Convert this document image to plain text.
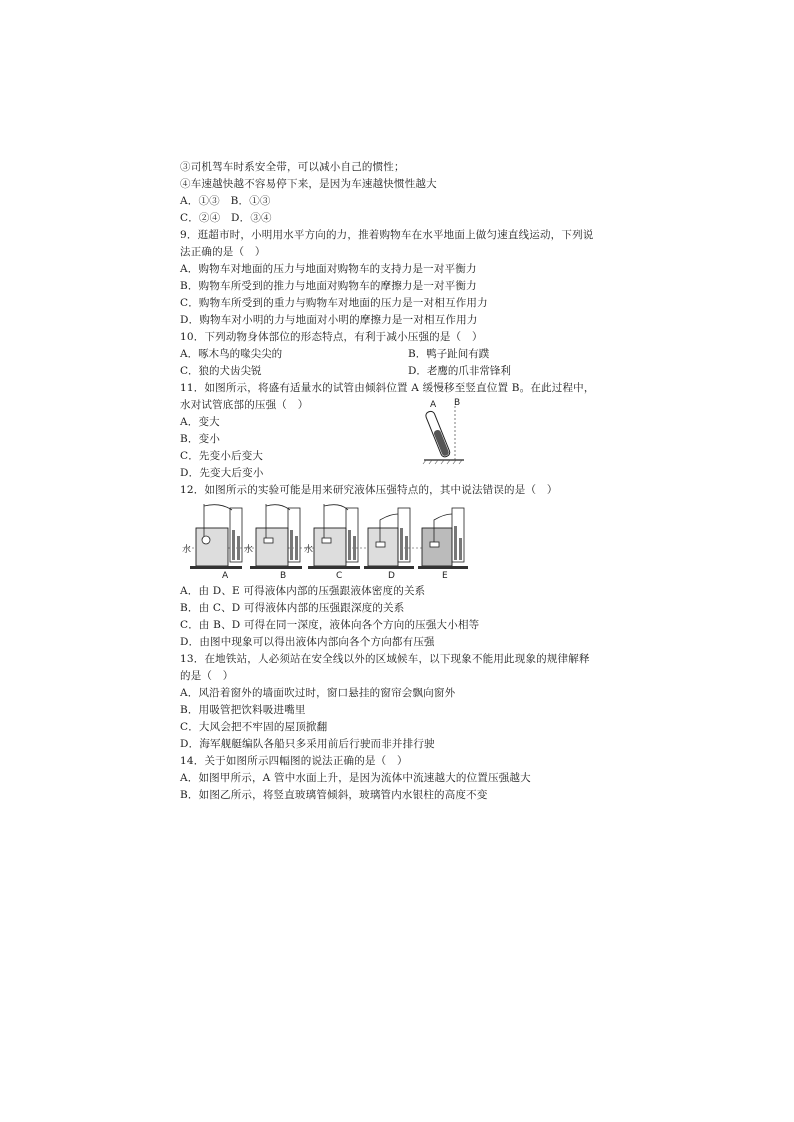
③司机驾车时系安全带，可以减小自己的惯性；
④车速越快越不容易停下来，是因为车速越快惯性越大
A．①③　B．①③
C．②④　D．③④
9．逛超市时，小明用水平方向的力，推着购物车在水平地面上做匀速直线运动，下列说
法正确的是（　）
A．购物车对地面的压力与地面对购物车的支持力是一对平衡力
B．购物车所受到的推力与地面对购物车的摩擦力是一对平衡力
C．购物车所受到的重力与购物车对地面的压力是一对相互作用力
D．购物车对小明的力与地面对小明的摩擦力是一对相互作用力
10．下列动物身体部位的形态特点，有利于减小压强的是（　）
A．啄木鸟的喙尖尖的	B．鸭子趾间有蹼
C．狼的犬齿尖锐	D．老鹰的爪非常锋利
11．如图所示，将盛有适量水的试管由倾斜位置 A 缓慢移至竖直位置 B。在此过程中，
水对试管底部的压强（　）
A．变大
B．变小
C．先变小后变大
D．先变大后变小
A B
12．如图所示的实验可能是用来研究液体压强特点的，其中说法错误的是（　）
水	水	水
A	B	C	D	E
A．由 D、E 可得液体内部的压强跟液体密度的关系
B．由 C、D 可得液体内部的压强跟深度的关系
C．由 B、D 可得在同一深度，液体向各个方向的压强大小相等
D．由图中现象可以得出液体内部向各个方向都有压强
13．在地铁站，人必须站在安全线以外的区域候车，以下现象不能用此现象的规律解释
的是（　）
A．风沿着窗外的墙面吹过时，窗口悬挂的窗帘会飘向窗外
B．用吸管把饮料吸进嘴里
C．大风会把不牢固的屋顶掀翻
D．海军舰艇编队各船只多采用前后行驶而非并排行驶
14．关于如图所示四幅图的说法正确的是（　）
A．如图甲所示，A 管中水面上升，是因为流体中流速越大的位置压强越大
B．如图乙所示，将竖直玻璃管倾斜，玻璃管内水银柱的高度不变
